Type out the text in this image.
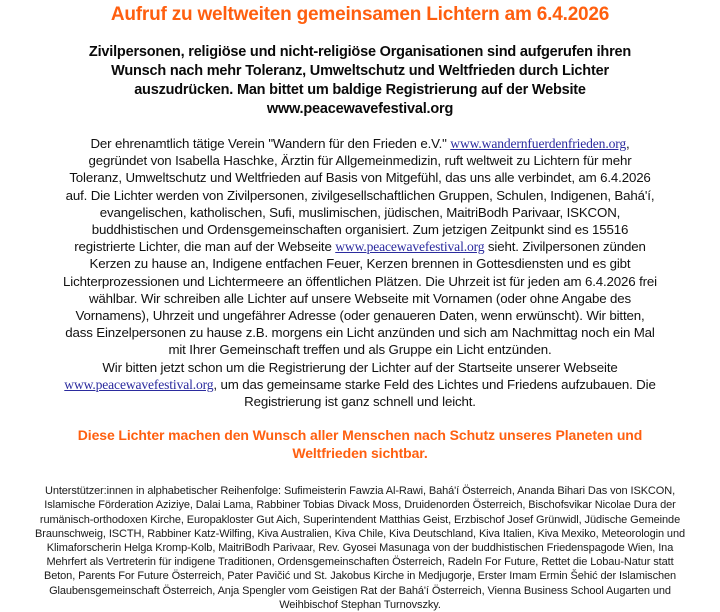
Aufruf zu weltweiten gemeinsamen Lichtern am 6.4.2026
Zivilpersonen, religiöse und nicht-religiöse Organisationen sind aufgerufen ihren Wunsch nach mehr Toleranz, Umweltschutz und Weltfrieden durch Lichter auszudrücken. Man bittet um baldige Registrierung auf der Website www.peacewavefestival.org

Der ehrenamtlich tätige Verein "Wandern für den Frieden e.V." www.wandernfuerdenfrieden.org, gegründet von Isabella Haschke, Ärztin für Allgemeinmedizin, ruft weltweit zu Lichtern für mehr Toleranz, Umweltschutz und Weltfrieden auf Basis von Mitgefühl, das uns alle verbindet, am 6.4.2026 auf. Die Lichter werden von Zivilpersonen, zivilgesellschaftlichen Gruppen, Schulen, Indigenen, Bahá'í, evangelischen, katholischen, Sufi, muslimischen, jüdischen, MaitriBodh Parivaar, ISKCON, buddhistischen und Ordensgemeinschaften organisiert. Zum jetzigen Zeitpunkt sind es 15516 registrierte Lichter, die man auf der Webseite www.peacewavefestival.org sieht. Zivilpersonen zünden Kerzen zu hause an, Indigene entfachen Feuer, Kerzen brennen in Gottesdiensten und es gibt Lichterprozessionen und Lichtermeere an öffentlichen Plätzen. Die Uhrzeit ist für jeden am 6.4.2026 frei wählbar. Wir schreiben alle Lichter auf unsere Webseite mit Vornamen (oder ohne Angabe des Vornamens), Uhrzeit und ungefährer Adresse (oder genaueren Daten, wenn erwünscht). Wir bitten, dass Einzelpersonen zu hause z.B. morgens ein Licht anzünden und sich am Nachmittag noch ein Mal mit Ihrer Gemeinschaft treffen und als Gruppe ein Licht entzünden.

Wir bitten jetzt schon um die Registrierung der Lichter auf der Startseite unserer Webseite www.peacewavefestival.org, um das gemeinsame starke Feld des Lichtes und Friedens aufzubauen. Die Registrierung ist ganz schnell und leicht.

Diese Lichter machen den Wunsch aller Menschen nach Schutz unseres Planeten und Weltfrieden sichtbar.
Unterstützer:innen in alphabetischer Reihenfolge: Sufimeisterin Fawzia Al-Rawi, Bahá'í Österreich, Ananda Bihari Das von ISKCON, Islamische Förderation Aziziye, Dalai Lama, Rabbiner Tobias Divack Moss, Druidenorden Österreich, Bischofsvikar Nicolae Dura der rumänisch-orthodoxen Kirche, Europakloster Gut Aich, Superintendent Matthias Geist, Erzbischof Josef Grünwidl, Jüdische Gemeinde Braunschweig, ISCTH, Rabbiner Katz-Wilfing, Kiva Australien, Kiva Chile, Kiva Deutschland, Kiva Italien, Kiva Mexiko, Meteorologin und Klimaforscherin Helga Kromp-Kolb, MaitriBodh Parivaar, Rev. Gyosei Masunaga von der buddhistischen Friedenspagode Wien, Ina Mehrfert als Vertreterin für indigene Traditionen, Ordensgemeinschaften Österreich, Radeln For Future, Rettet die Lobau-Natur statt Beton, Parents For Future Österreich, Pater Pavičić und St. Jakobus Kirche in Medjugorje, Erster Imam Ermin Šehić der Islamischen Glaubensgemeinschaft Österreich, Anja Spengler vom Geistigen Rat der Bahá'í Österreich, Vienna Business School Augarten und Weihbischof Stephan Turnovszky.
